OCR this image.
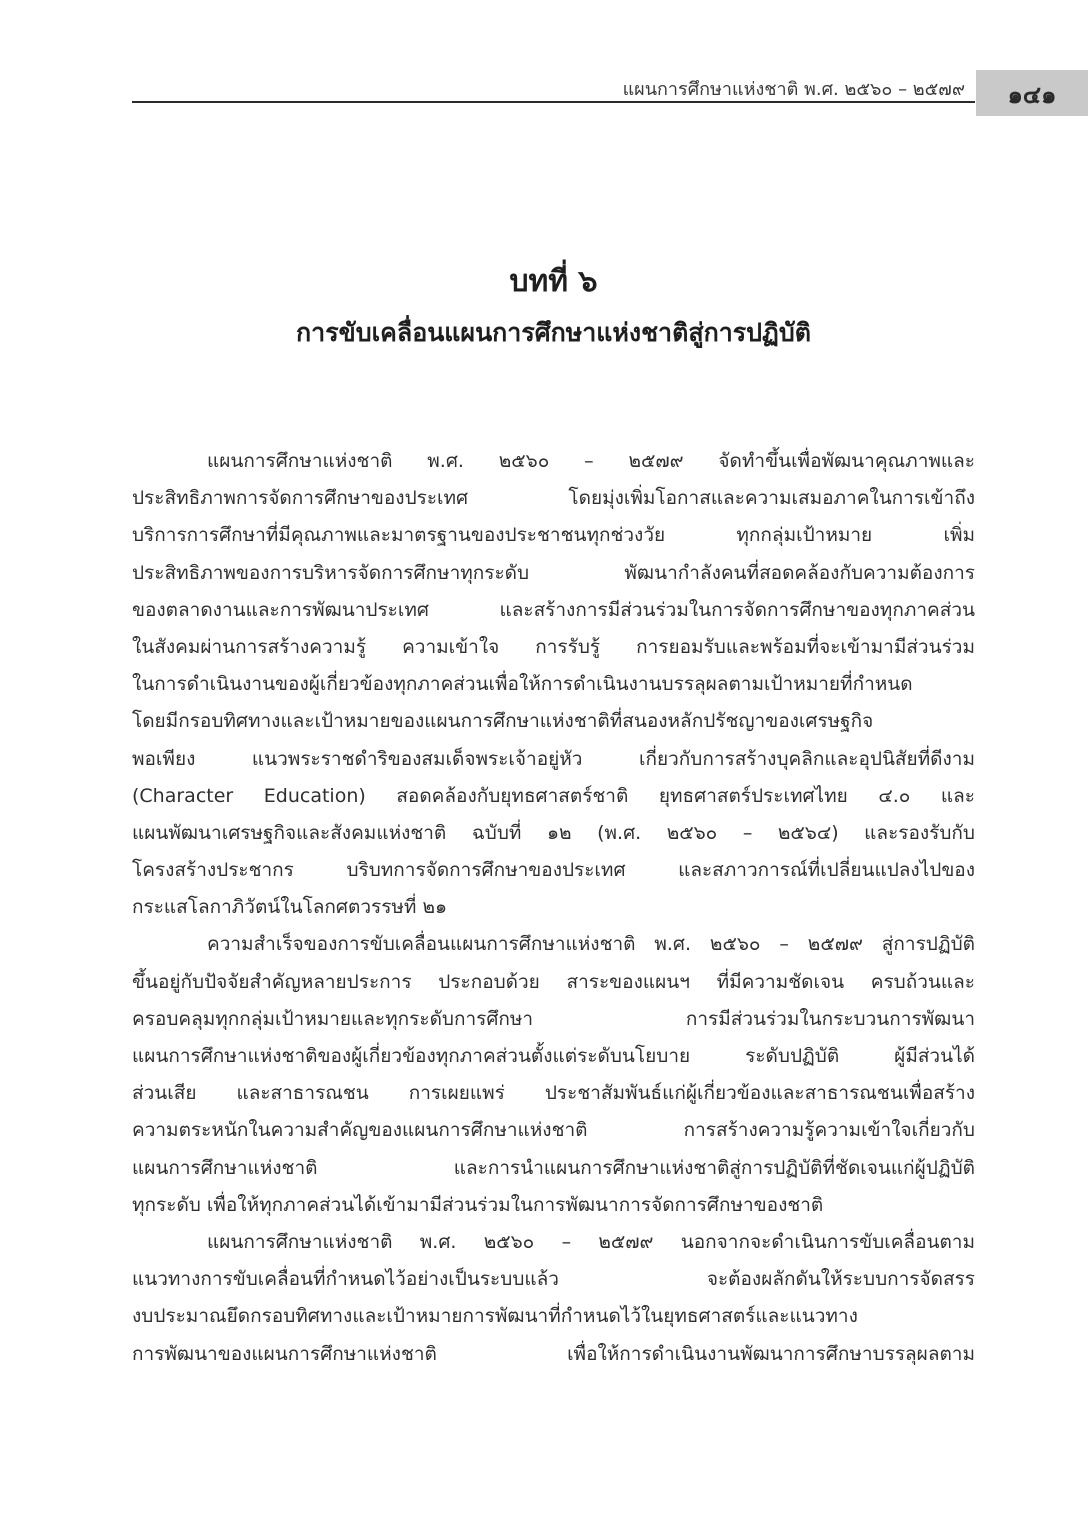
แผนการศึกษาแห่งชาติ พ.ศ. ๒๕๖๐ – ๒๕๗๙	๑๔๑
บทที่ ๖
การขับเคลื่อนแผนการศึกษาแห่งชาติสู่การปฏิบัติ
แผนการศึกษาแห่งชาติ พ.ศ. ๒๕๖๐ – ๒๕๗๙ จัดทำขึ้นเพื่อพัฒนาคุณภาพและ
ประสิทธิภาพการจัดการศึกษาของประเทศ โดยมุ่งเพิ่มโอกาสและความเสมอภาคในการเข้าถึง
บริการการศึกษาที่มีคุณภาพและมาตรฐานของประชาชนทุกช่วงวัย ทุกกลุ่มเป้าหมาย เพิ่ม
ประสิทธิภาพของการบริหารจัดการศึกษาทุกระดับ พัฒนากำลังคนที่สอดคล้องกับความต้องการ
ของตลาดงานและการพัฒนาประเทศ และสร้างการมีส่วนร่วมในการจัดการศึกษาของทุกภาคส่วน
ในสังคมผ่านการสร้างความรู้ ความเข้าใจ การรับรู้ การยอมรับและพร้อมที่จะเข้ามามีส่วนร่วม
ในการดำเนินงานของผู้เกี่ยวข้องทุกภาคส่วนเพื่อให้การดำเนินงานบรรลุผลตามเป้าหมายที่กำหนด
โดยมีกรอบทิศทางและเป้าหมายของแผนการศึกษาแห่งชาติที่สนองหลักปรัชญาของเศรษฐกิจ
พอเพียง แนวพระราชดำริของสมเด็จพระเจ้าอยู่หัว เกี่ยวกับการสร้างบุคลิกและอุปนิสัยที่ดีงาม
(Character Education) สอดคล้องกับยุทธศาสตร์ชาติ ยุทธศาสตร์ประเทศไทย ๔.๐ และ
แผนพัฒนาเศรษฐกิจและสังคมแห่งชาติ ฉบับที่ ๑๒ (พ.ศ. ๒๕๖๐ – ๒๕๖๔) และรองรับกับ
โครงสร้างประชากร บริบทการจัดการศึกษาของประเทศ และสภาวการณ์ที่เปลี่ยนแปลงไปของ
กระแสโลกาภิวัตน์ในโลกศตวรรษที่ ๒๑
ความสำเร็จของการขับเคลื่อนแผนการศึกษาแห่งชาติ พ.ศ. ๒๕๖๐ – ๒๕๗๙ สู่การปฏิบัติ
ขึ้นอยู่กับปัจจัยสำคัญหลายประการ ประกอบด้วย สาระของแผนฯ ที่มีความชัดเจน ครบถ้วนและ
ครอบคลุมทุกกลุ่มเป้าหมายและทุกระดับการศึกษา การมีส่วนร่วมในกระบวนการพัฒนา
แผนการศึกษาแห่งชาติของผู้เกี่ยวข้องทุกภาคส่วนตั้งแต่ระดับนโยบาย ระดับปฏิบัติ ผู้มีส่วนได้
ส่วนเสีย และสาธารณชน การเผยแพร่ ประชาสัมพันธ์แก่ผู้เกี่ยวข้องและสาธารณชนเพื่อสร้าง
ความตระหนักในความสำคัญของแผนการศึกษาแห่งชาติ การสร้างความรู้ความเข้าใจเกี่ยวกับ
แผนการศึกษาแห่งชาติ และการนำแผนการศึกษาแห่งชาติสู่การปฏิบัติที่ชัดเจนแก่ผู้ปฏิบัติ
ทุกระดับ เพื่อให้ทุกภาคส่วนได้เข้ามามีส่วนร่วมในการพัฒนาการจัดการศึกษาของชาติ
แผนการศึกษาแห่งชาติ พ.ศ. ๒๕๖๐ – ๒๕๗๙ นอกจากจะดำเนินการขับเคลื่อนตาม
แนวทางการขับเคลื่อนที่กำหนดไว้อย่างเป็นระบบแล้ว จะต้องผลักดันให้ระบบการจัดสรร
งบประมาณยึดกรอบทิศทางและเป้าหมายการพัฒนาที่กำหนดไว้ในยุทธศาสตร์และแนวทาง
การพัฒนาของแผนการศึกษาแห่งชาติ เพื่อให้การดำเนินงานพัฒนาการศึกษาบรรลุผลตาม
